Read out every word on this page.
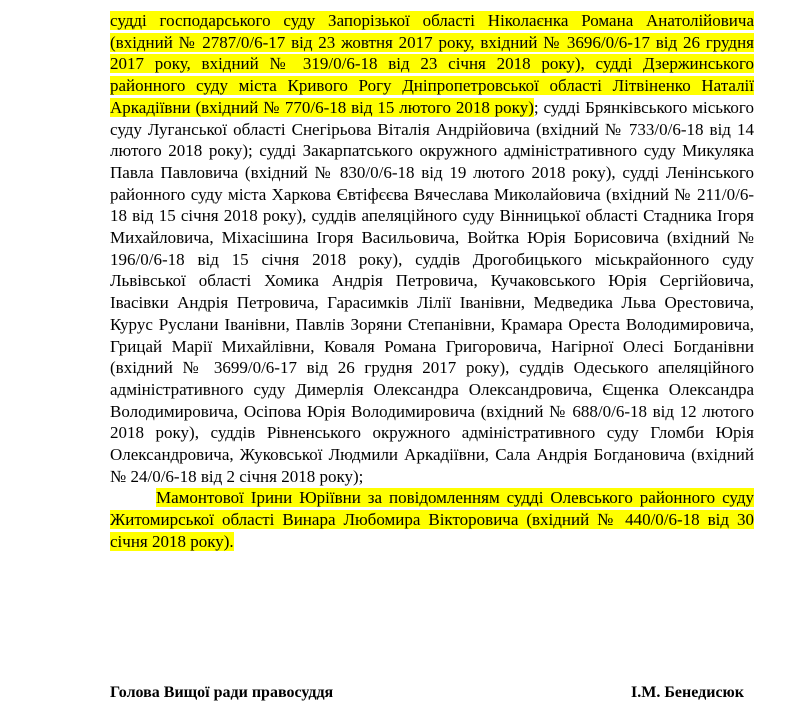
судді господарського суду Запорізької області Ніколаєнка Романа Анатолійовича (вхідний № 2787/0/6-17 від 23 жовтня 2017 року, вхідний № 3696/0/6-17 від 26 грудня 2017 року, вхідний № 319/0/6-18 від 23 січня 2018 року), судді Дзержинського районного суду міста Кривого Рогу Дніпропетровської області Літвіненко Наталії Аркадіївни (вхідний № 770/6-18 від 15 лютого 2018 року); судді Брянківського міського суду Луганської області Снегірьова Віталія Андрійовича (вхідний № 733/0/6-18 від 14 лютого 2018 року); судді Закарпатського окружного адміністративного суду Микуляка Павла Павловича (вхідний № 830/0/6-18 від 19 лютого 2018 року), судді Ленінського районного суду міста Харкова Євтіфєєва Вячеслава Миколайовича (вхідний № 211/0/6-18 від 15 січня 2018 року), суддів апеляційного суду Вінницької області Стадника Ігоря Михайловича, Міхасішина Ігоря Васильовича, Войтка Юрія Борисовича (вхідний № 196/0/6-18 від 15 січня 2018 року), суддів Дрогобицького міськрайонного суду Львівської області Хомика Андрія Петровича, Кучаковського Юрія Сергійовича, Івасівки Андрія Петровича, Гарасимків Лілії Іванівни, Медведика Льва Орестовича, Курус Руслани Іванівни, Павлів Зоряни Степанівни, Крамара Ореста Володимировича, Грицай Марії Михайлівни, Коваля Романа Григоровича, Нагірної Олесі Богданівни (вхідний № 3699/0/6-17 від 26 грудня 2017 року), суддів Одеського апеляційного адміністративного суду Димерлія Олександра Олександровича, Єщенка Олександра Володимировича, Осіпова Юрія Володимировича (вхідний № 688/0/6-18 від 12 лютого 2018 року), суддів Рівненського окружного адміністративного суду Гломби Юрія Олександровича, Жуковської Людмили Аркадіївни, Сала Андрія Богдановича (вхідний № 24/0/6-18 від 2 січня 2018 року);

Мамонтової Ірини Юріївни за повідомленням судді Олевського районного суду Житомирської області Винара Любомира Вікторовича (вхідний № 440/0/6-18 від 30 січня 2018 року).

Голова Вищої ради правосуддя	І.М. Бенедисюк
